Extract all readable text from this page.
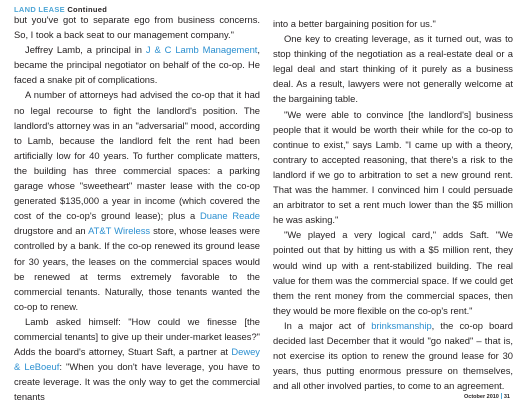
LAND LEASE Continued

but you've got to separate ego from business concerns. So, I took a back seat to our management company."

Jeffrey Lamb, a principal in J & C Lamb Management, became the principal negotiator on behalf of the co-op. He faced a snake pit of complications.

A number of attorneys had advised the co-op that it had no legal recourse to fight the landlord's position. The landlord's attorney was in an "adversarial" mood, according to Lamb, because the landlord felt the rent had been artificially low for 40 years. To further complicate matters, the building has three commercial spaces: a parking garage whose "sweetheart" master lease with the co-op generated $135,000 a year in income (which covered the cost of the co-op's ground lease); plus a Duane Reade drugstore and an AT&T Wireless store, whose leases were controlled by a bank. If the co-op renewed its ground lease for 30 years, the leases on the commercial spaces would be renewed at terms extremely favorable to the commercial tenants. Naturally, those tenants wanted the co-op to renew.

Lamb asked himself: "How could we finesse [the commercial tenants] to give up their under-market leases?" Adds the board's attorney, Stuart Saft, a partner at Dewey & LeBoeuf: "When you don't have leverage, you have to create leverage. It was the only way to get the commercial tenants

into a better bargaining position for us."

One key to creating leverage, as it turned out, was to stop thinking of the negotiation as a real-estate deal or a legal deal and start thinking of it purely as a business deal. As a result, lawyers were not generally welcome at the bargaining table.

"We were able to convince [the landlord's] business people that it would be worth their while for the co-op to continue to exist," says Lamb. "I came up with a theory, contrary to accepted reasoning, that there's a risk to the landlord if we go to arbitration to set a new ground rent. That was the hammer. I convinced him I could persuade an arbitrator to set a rent much lower than the $5 million he was asking."

"We played a very logical card," adds Saft. "We pointed out that by hitting us with a $5 million rent, they would wind up with a rent-stabilized building. The real value for them was the commercial space. If we could get them the rent money from the commercial spaces, then they would be more flexible on the co-op's rent."

In a major act of brinksmanship, the co-op board decided last December that it would "go naked" – that is, not exercise its option to renew the ground lease for 30 years, thus putting enormous pressure on themselves, and all other involved parties, to come to an agreement.

October 2010 31
